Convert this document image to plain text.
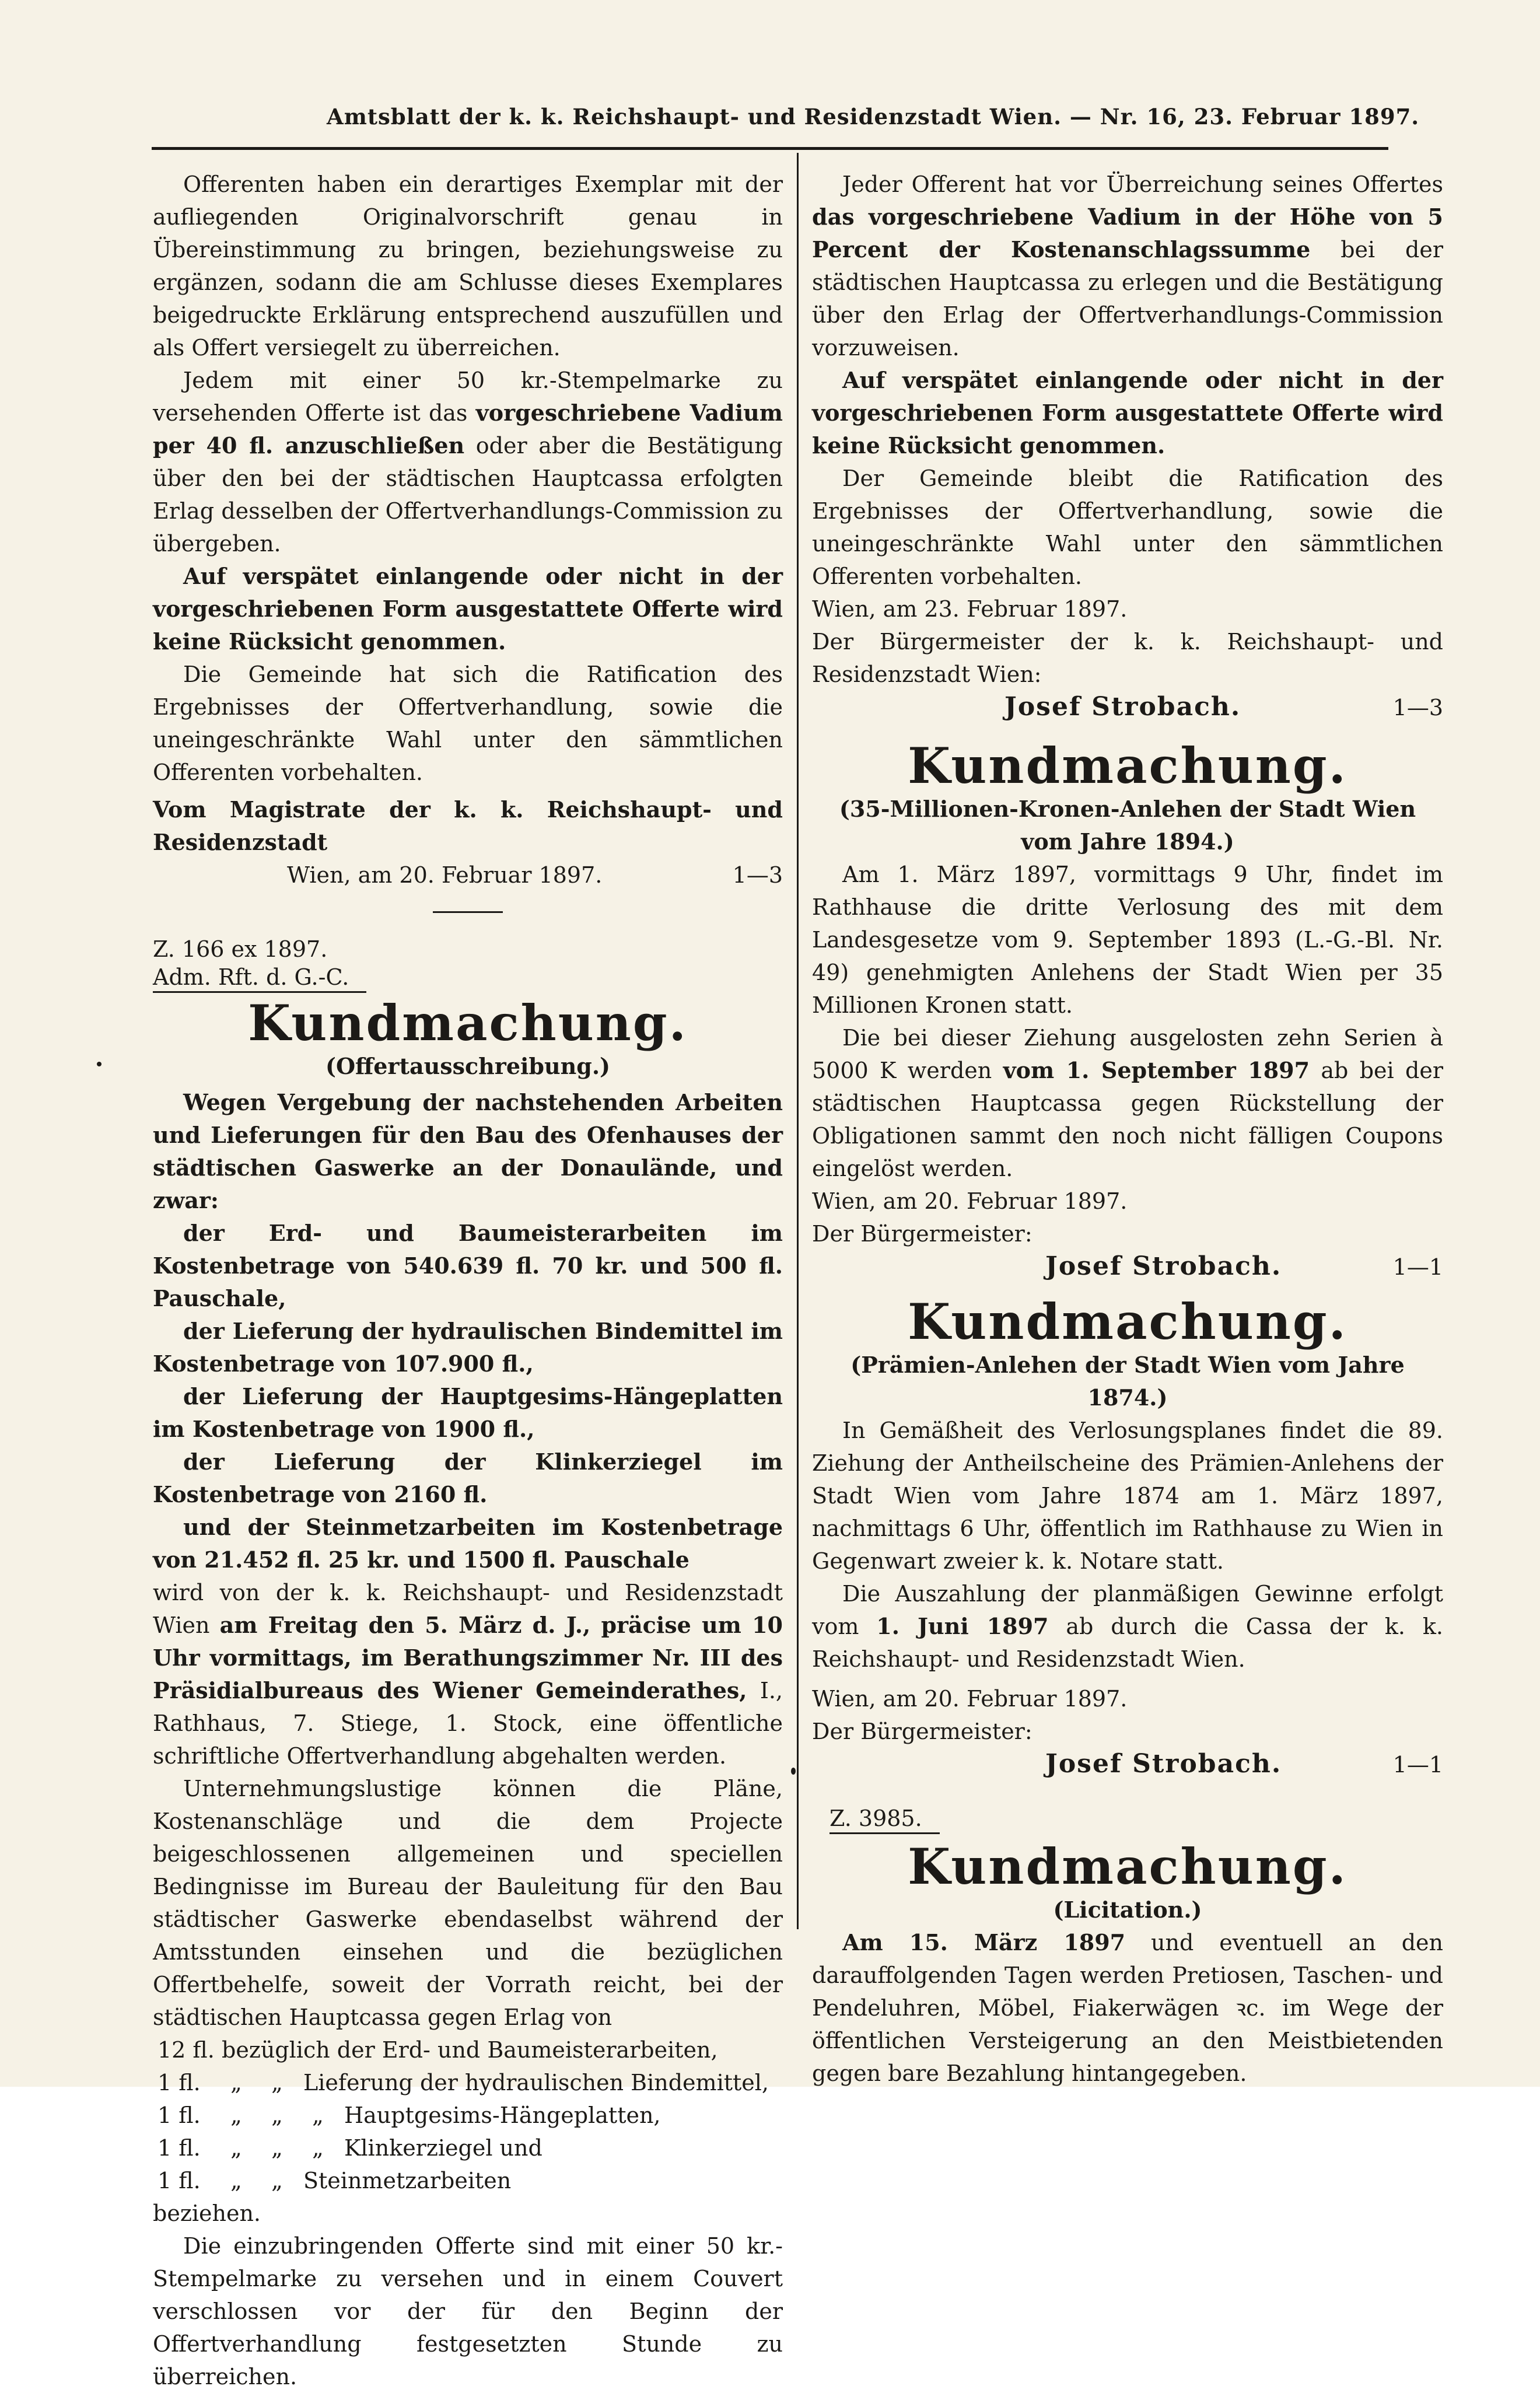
Amtsblatt der k. k. Reichshaupt- und Residenzstadt Wien. — Nr. 16, 23. Februar 1897.

Offerenten haben ein derartiges Exemplar mit der aufliegenden Originalvorschrift genau in Übereinstimmung zu bringen, beziehungsweise zu ergänzen, sodann die am Schlusse dieses Exemplares beigedruckte Erklärung entsprechend auszufüllen und als Offert versiegelt zu überreichen.

Jedem mit einer 50 kr.-Stempelmarke zu versehenden Offerte ist das vorgeschriebene Vadium per 40 fl. anzuschließen oder aber die Bestätigung über den bei der städtischen Hauptcassa erfolgten Erlag desselben der Offertverhandlungs-Commission zu übergeben.

Auf verspätet einlangende oder nicht in der vorgeschriebenen Form ausgestattete Offerte wird keine Rücksicht genommen.

Die Gemeinde hat sich die Ratification des Ergebnisses der Offertverhandlung, sowie die uneingeschränkte Wahl unter den sämmtlichen Offerenten vorbehalten.

Vom Magistrate der k. k. Reichshaupt- und Residenzstadt

Wien, am 20. Februar 1897.	1—3
Z. 166 ex 1897.
Adm. Rft. d. G.-C.
Kundmachung.
(Offertausschreibung.)

Wegen Vergebung der nachstehenden Arbeiten und Lieferungen für den Bau des Ofenhauses der städtischen Gaswerke an der Donaulände, und zwar:

der Erd- und Baumeisterarbeiten im Kostenbetrage von 540.639 fl. 70 kr. und 500 fl. Pauschale,

der Lieferung der hydraulischen Bindemittel im Kostenbetrage von 107.900 fl.,

der Lieferung der Hauptgesims-Hängeplatten im Kostenbetrage von 1900 fl.,

der Lieferung der Klinkerziegel im Kostenbetrage von 2160 fl.

und der Steinmetzarbeiten im Kostenbetrage von 21.452 fl. 25 kr. und 1500 fl. Pauschale

wird von der k. k. Reichshaupt- und Residenzstadt Wien am Freitag den 5. März d. J., präcise um 10 Uhr vormittags, im Berathungszimmer Nr. III des Präsidialbureaus des Wiener Gemeinderathes, I., Rathhaus, 7. Stiege, 1. Stock, eine öffentliche schriftliche Offertverhandlung abgehalten werden.

Unternehmungslustige können die Pläne, Kostenanschläge und die dem Projecte beigeschlossenen allgemeinen und speciellen Bedingnisse im Bureau der Bauleitung für den Bau städtischer Gaswerke ebendaselbst während der Amtsstunden einsehen und die bezüglichen Offertbehelfe, soweit der Vorrath reicht, bei der städtischen Hauptcassa gegen Erlag von

12 fl. bezüglich der Erd- und Baumeisterarbeiten,
1 fl.	„	„ Lieferung der hydraulischen Bindemittel,
1 fl.	„	„	„ Hauptgesims-Hängeplatten,
1 fl.	„	„	„ Klinkerziegel und
1 fl.	„	„ Steinmetzarbeiten

beziehen.

Die einzubringenden Offerte sind mit einer 50 kr.-Stempelmarke zu versehen und in einem Couvert verschlossen vor der für den Beginn der Offertverhandlung festgesetzten Stunde zu überreichen.

Jeder Offerent hat vor Überreichung seines Offertes das vorgeschriebene Vadium in der Höhe von 5 Percent der Kostenanschlagssumme bei der städtischen Hauptcassa zu erlegen und die Bestätigung über den Erlag der Offertverhandlungs-Commission vorzuweisen.

Auf verspätet einlangende oder nicht in der vorgeschriebenen Form ausgestattete Offerte wird keine Rücksicht genommen.

Der Gemeinde bleibt die Ratification des Ergebnisses der Offertverhandlung, sowie die uneingeschränkte Wahl unter den sämmtlichen Offerenten vorbehalten.

Wien, am 23. Februar 1897.

Der Bürgermeister der k. k. Reichshaupt- und Residenzstadt Wien:

Josef Strobach.	1—3
Kundmachung.
(35-Millionen-Kronen-Anlehen der Stadt Wien vom Jahre 1894.)

Am 1. März 1897, vormittags 9 Uhr, findet im Rathhause die dritte Verlosung des mit dem Landesgesetze vom 9. September 1893 (L.-G.-Bl. Nr. 49) genehmigten Anlehens der Stadt Wien per 35 Millionen Kronen statt.

Die bei dieser Ziehung ausgelosten zehn Serien à 5000 K werden vom 1. September 1897 ab bei der städtischen Hauptcassa gegen Rückstellung der Obligationen sammt den noch nicht fälligen Coupons eingelöst werden.

Wien, am 20. Februar 1897.

Der Bürgermeister:

Josef Strobach.	1—1
Kundmachung.
(Prämien-Anlehen der Stadt Wien vom Jahre 1874.)

In Gemäßheit des Verlosungsplanes findet die 89. Ziehung der Antheilscheine des Prämien-Anlehens der Stadt Wien vom Jahre 1874 am 1. März 1897, nachmittags 6 Uhr, öffentlich im Rathhause zu Wien in Gegenwart zweier k. k. Notare statt.

Die Auszahlung der planmäßigen Gewinne erfolgt vom 1. Juni 1897 ab durch die Cassa der k. k. Reichshaupt- und Residenzstadt Wien.

Wien, am 20. Februar 1897.

Der Bürgermeister:

Josef Strobach.	1—1
Z. 3985.
Kundmachung.
(Licitation.)

Am 15. März 1897 und eventuell an den darauffolgenden Tagen werden Pretiosen, Taschen- und Pendeluhren, Möbel, Fiakerwägen ꝛc. im Wege der öffentlichen Versteigerung an den Meistbietenden gegen bare Bezahlung hintangegeben.
